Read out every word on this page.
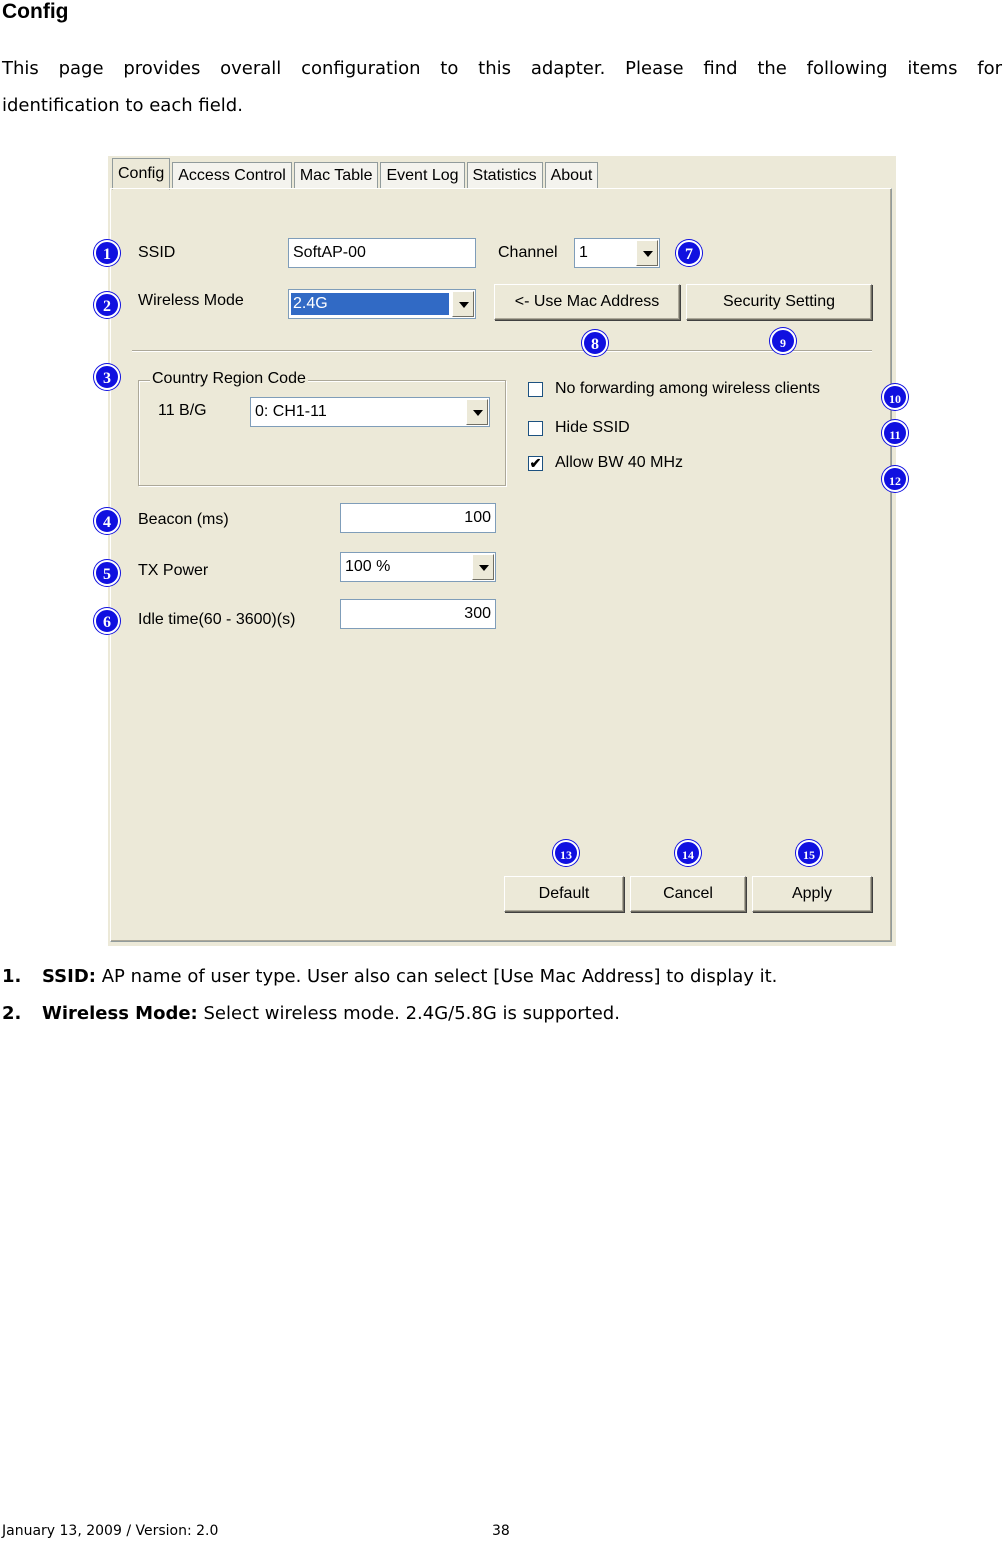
Config
This page provides overall configuration to this adapter. Please find the following items for
identification to each field.
Config Access Control Mac Table Event Log Statistics About
SSID	SoftAP-00	Channel	1
Wireless Mode	2.4G	<- Use Mac Address	Security Setting
Country Region Code
11 B/G	0: CH1-11
No forwarding among wireless clients
Hide SSID
✔ Allow BW 40 MHz
Beacon (ms)	100
TX Power	100 %
Idle time(60 - 3600)(s)	300
Default	Cancel	Apply
1
2
3
4
5
6
7
8	9
10
11
12
13	14	15
1. SSID: AP name of user type. User also can select [Use Mac Address] to display it.
2. Wireless Mode: Select wireless mode. 2.4G/5.8G is supported.
January 13, 2009 / Version: 2.0	38
